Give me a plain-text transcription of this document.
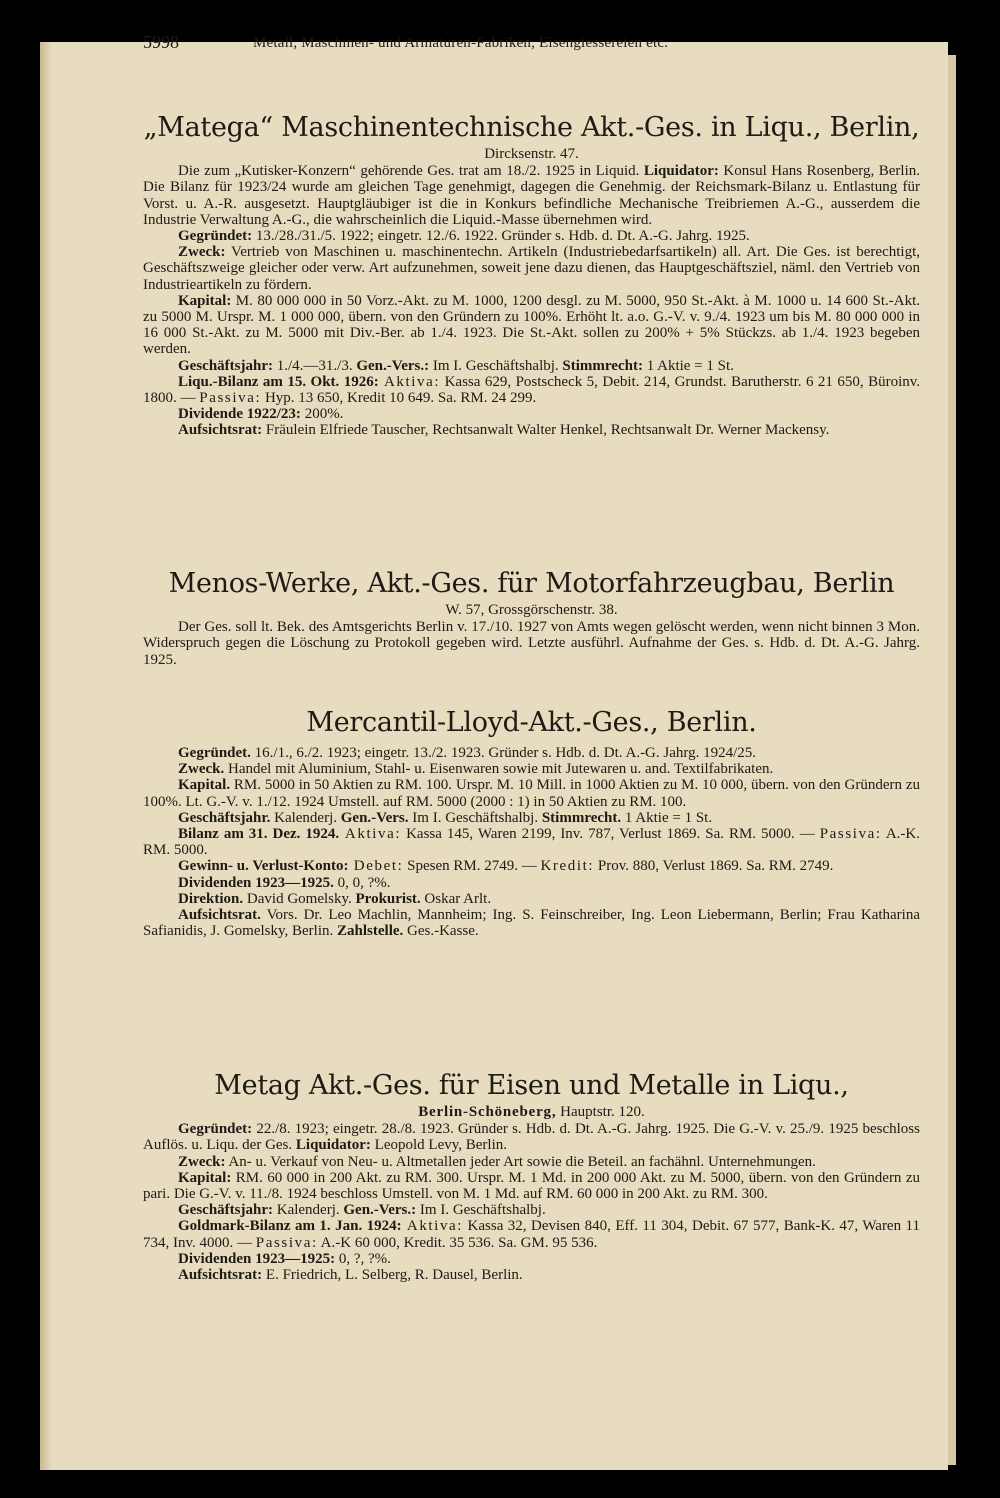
5998	Metall, Maschinen- und Armaturen-Fabriken, Eisengiessereien etc.
„Matega“ Maschinentechnische Akt.-Ges. in Liqu., Berlin,
Dircksenstr. 47.

Die zum „Kutisker-Konzern“ gehörende Ges. trat am 18./2. 1925 in Liquid. Liquidator: Konsul Hans Rosenberg, Berlin. Die Bilanz für 1923/24 wurde am gleichen Tage genehmigt, dagegen die Genehmig. der Reichsmark-Bilanz u. Entlastung für Vorst. u. A.-R. ausgesetzt. Hauptgläubiger ist die in Konkurs befindliche Mechanische Treibriemen A.-G., ausserdem die Industrie Verwaltung A.-G., die wahrscheinlich die Liquid.-Masse übernehmen wird.

Gegründet: 13./28./31./5. 1922; eingetr. 12./6. 1922. Gründer s. Hdb. d. Dt. A.-G. Jahrg. 1925.

Zweck: Vertrieb von Maschinen u. maschinentechn. Artikeln (Industriebedarfsartikeln) all. Art. Die Ges. ist berechtigt, Geschäftszweige gleicher oder verw. Art aufzunehmen, soweit jene dazu dienen, das Hauptgeschäftsziel, näml. den Vertrieb von Industrieartikeln zu fördern.

Kapital: M. 80 000 000 in 50 Vorz.-Akt. zu M. 1000, 1200 desgl. zu M. 5000, 950 St.-Akt. à M. 1000 u. 14 600 St.-Akt. zu 5000 M. Urspr. M. 1 000 000, übern. von den Gründern zu 100%. Erhöht lt. a.o. G.-V. v. 9./4. 1923 um bis M. 80 000 000 in 16 000 St.-Akt. zu M. 5000 mit Div.-Ber. ab 1./4. 1923. Die St.-Akt. sollen zu 200% + 5% Stückzs. ab 1./4. 1923 begeben werden.

Geschäftsjahr: 1./4.—31./3. Gen.-Vers.: Im I. Geschäftshalbj. Stimmrecht: 1 Aktie = 1 St.

Liqu.-Bilanz am 15. Okt. 1926: Aktiva: Kassa 629, Postscheck 5, Debit. 214, Grundst. Barutherstr. 6 21 650, Büroinv. 1800. — Passiva: Hyp. 13 650, Kredit 10 649. Sa. RM. 24 299.

Dividende 1922/23: 200%.

Aufsichtsrat: Fräulein Elfriede Tauscher, Rechtsanwalt Walter Henkel, Rechtsanwalt Dr. Werner Mackensy.

Menos-Werke, Akt.-Ges. für Motorfahrzeugbau, Berlin
W. 57, Grossgörschenstr. 38.

Der Ges. soll lt. Bek. des Amtsgerichts Berlin v. 17./10. 1927 von Amts wegen gelöscht werden, wenn nicht binnen 3 Mon. Widerspruch gegen die Löschung zu Protokoll gegeben wird. Letzte ausführl. Aufnahme der Ges. s. Hdb. d. Dt. A.-G. Jahrg. 1925.

Mercantil-Lloyd-Akt.-Ges., Berlin.

Gegründet. 16./1., 6./2. 1923; eingetr. 13./2. 1923. Gründer s. Hdb. d. Dt. A.-G. Jahrg. 1924/25.

Zweck. Handel mit Aluminium, Stahl- u. Eisenwaren sowie mit Jutewaren u. and. Textilfabrikaten.

Kapital. RM. 5000 in 50 Aktien zu RM. 100. Urspr. M. 10 Mill. in 1000 Aktien zu M. 10 000, übern. von den Gründern zu 100%. Lt. G.-V. v. 1./12. 1924 Umstell. auf RM. 5000 (2000 : 1) in 50 Aktien zu RM. 100.

Geschäftsjahr. Kalenderj. Gen.-Vers. Im I. Geschäftshalbj. Stimmrecht. 1 Aktie = 1 St.

Bilanz am 31. Dez. 1924. Aktiva: Kassa 145, Waren 2199, Inv. 787, Verlust 1869. Sa. RM. 5000. — Passiva: A.-K. RM. 5000.

Gewinn- u. Verlust-Konto: Debet: Spesen RM. 2749. — Kredit: Prov. 880, Verlust 1869. Sa. RM. 2749.

Dividenden 1923—1925. 0, 0, ?%.

Direktion. David Gomelsky. Prokurist. Oskar Arlt.

Aufsichtsrat. Vors. Dr. Leo Machlin, Mannheim; Ing. S. Feinschreiber, Ing. Leon Liebermann, Berlin; Frau Katharina Safianidis, J. Gomelsky, Berlin. Zahlstelle. Ges.-Kasse.

Metag Akt.-Ges. für Eisen und Metalle in Liqu.,
Berlin-Schöneberg, Hauptstr. 120.

Gegründet: 22./8. 1923; eingetr. 28./8. 1923. Gründer s. Hdb. d. Dt. A.-G. Jahrg. 1925. Die G.-V. v. 25./9. 1925 beschloss Auflös. u. Liqu. der Ges. Liquidator: Leopold Levy, Berlin.

Zweck: An- u. Verkauf von Neu- u. Altmetallen jeder Art sowie die Beteil. an fachähnl. Unternehmungen.

Kapital: RM. 60 000 in 200 Akt. zu RM. 300. Urspr. M. 1 Md. in 200 000 Akt. zu M. 5000, übern. von den Gründern zu pari. Die G.-V. v. 11./8. 1924 beschloss Umstell. von M. 1 Md. auf RM. 60 000 in 200 Akt. zu RM. 300.

Geschäftsjahr: Kalenderj. Gen.-Vers.: Im I. Geschäftshalbj.

Goldmark-Bilanz am 1. Jan. 1924: Aktiva: Kassa 32, Devisen 840, Eff. 11 304, Debit. 67 577, Bank-K. 47, Waren 11 734, Inv. 4000. — Passiva: A.-K 60 000, Kredit. 35 536. Sa. GM. 95 536.

Dividenden 1923—1925: 0, ?, ?%.

Aufsichtsrat: E. Friedrich, L. Selberg, R. Dausel, Berlin.
